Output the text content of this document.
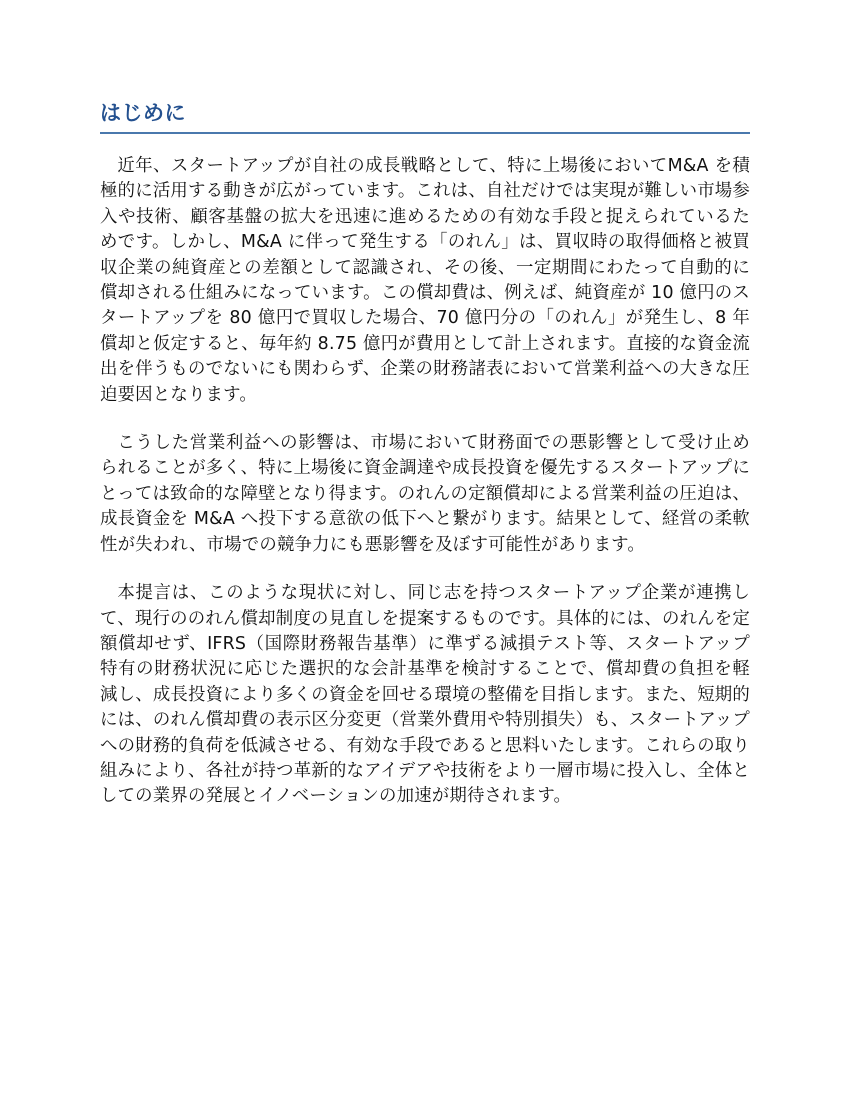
はじめに

近年、スタートアップが自社の成長戦略として、特に上場後においてM&A を積極的に活用する動きが広がっています。これは、自社だけでは実現が難しい市場参入や技術、顧客基盤の拡大を迅速に進めるための有効な手段と捉えられているためです。しかし、M&A に伴って発生する「のれん」は、買収時の取得価格と被買収企業の純資産との差額として認識され、その後、一定期間にわたって自動的に償却される仕組みになっています。この償却費は、例えば、純資産が 10 億円のスタートアップを 80 億円で買収した場合、70 億円分の「のれん」が発生し、8 年償却と仮定すると、毎年約 8.75 億円が費用として計上されます。直接的な資金流出を伴うものでないにも関わらず、企業の財務諸表において営業利益への大きな圧迫要因となります。

こうした営業利益への影響は、市場において財務面での悪影響として受け止められることが多く、特に上場後に資金調達や成長投資を優先するスタートアップにとっては致命的な障壁となり得ます。のれんの定額償却による営業利益の圧迫は、成長資金を M&A へ投下する意欲の低下へと繋がります。結果として、経営の柔軟性が失われ、市場での競争力にも悪影響を及ぼす可能性があります。

本提言は、このような現状に対し、同じ志を持つスタートアップ企業が連携して、現行ののれん償却制度の見直しを提案するものです。具体的には、のれんを定額償却せず、IFRS（国際財務報告基準）に準ずる減損テスト等、スタートアップ特有の財務状況に応じた選択的な会計基準を検討することで、償却費の負担を軽減し、成長投資により多くの資金を回せる環境の整備を目指します。また、短期的には、のれん償却費の表示区分変更（営業外費用や特別損失）も、スタートアップへの財務的負荷を低減させる、有効な手段であると思料いたします。これらの取り組みにより、各社が持つ革新的なアイデアや技術をより一層市場に投入し、全体としての業界の発展とイノベーションの加速が期待されます。
